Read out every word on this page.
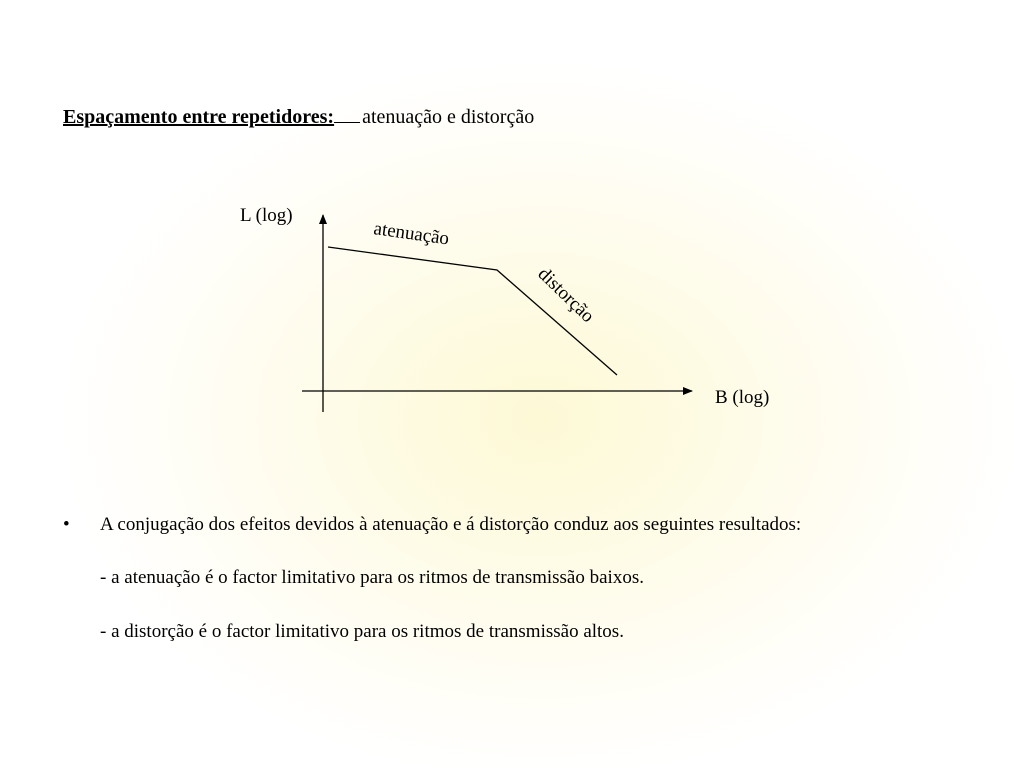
Espaçamento entre repetidores: atenuação e distorção
L (log)
B (log)
atenuação
distorção
• A conjugação dos efeitos devidos à atenuação e á distorção conduz aos seguintes resultados:
- a atenuação é o factor limitativo para os ritmos de transmissão baixos.
- a distorção é o factor limitativo para os ritmos de transmissão altos.
